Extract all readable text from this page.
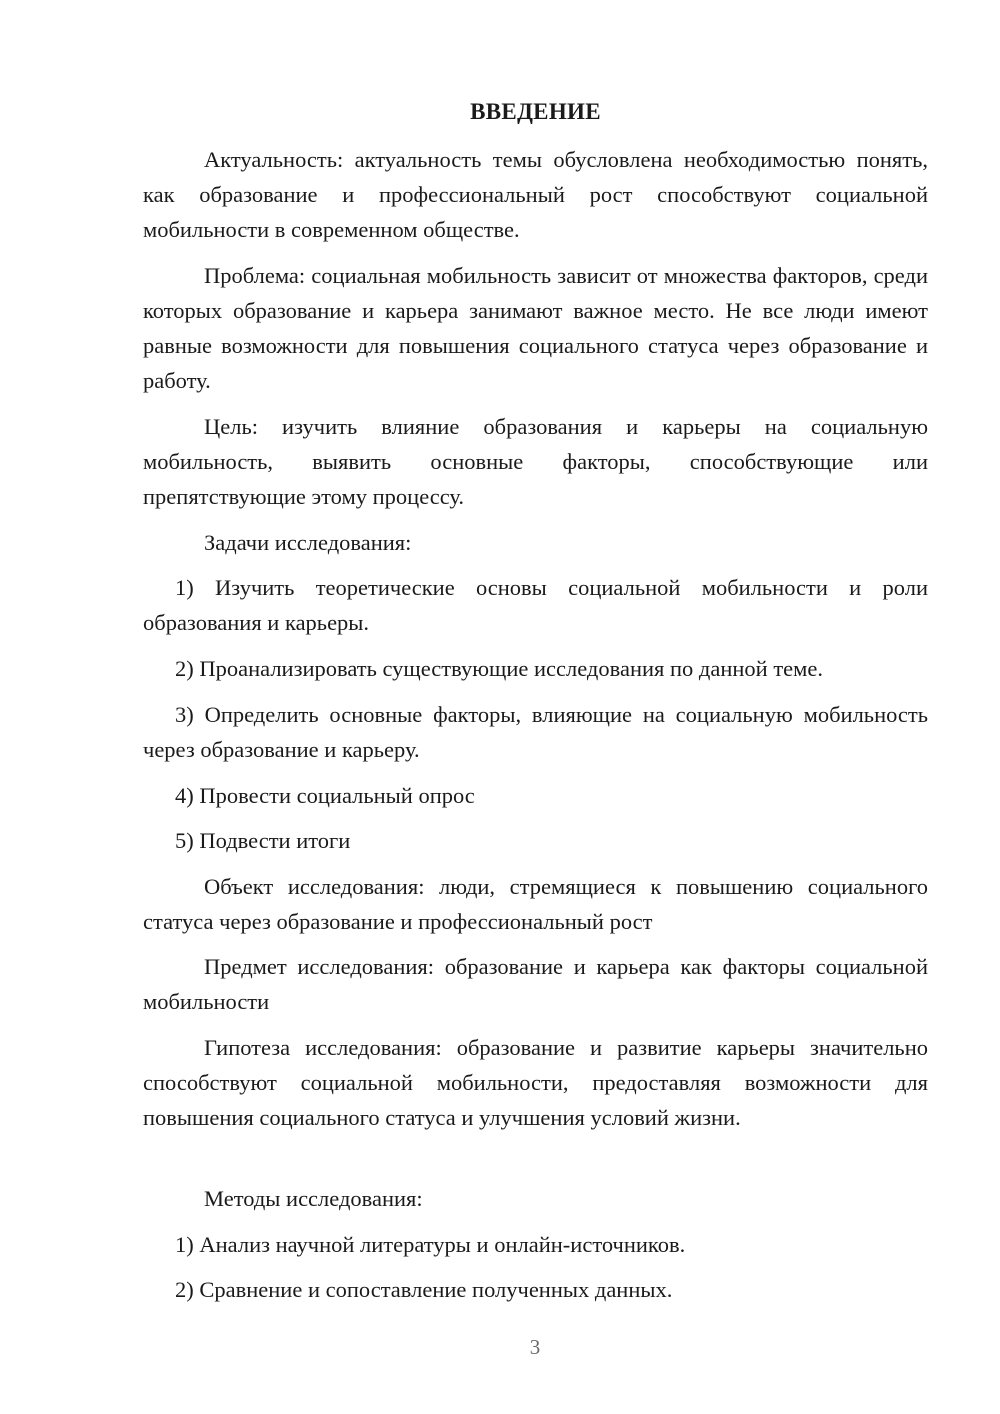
ВВЕДЕНИЕ

Актуальность: актуальность темы обусловлена необходимостью понять, как образование и профессиональный рост способствуют социальной мобильности в современном обществе.

Проблема: социальная мобильность зависит от множества факторов, среди которых образование и карьера занимают важное место. Не все люди имеют равные возможности для повышения социального статуса через образование и работу.

Цель: изучить влияние образования и карьеры на социальную мобильность, выявить основные факторы, способствующие или препятствующие этому процессу.

Задачи исследования:

1) Изучить теоретические основы социальной мобильности и роли образования и карьеры.

2) Проанализировать существующие исследования по данной теме.

3) Определить основные факторы, влияющие на социальную мобильность через образование и карьеру.

4) Провести социальный опрос

5) Подвести итоги

Объект исследования: люди, стремящиеся к повышению социального статуса через образование и профессиональный рост

Предмет исследования: образование и карьера как факторы социальной мобильности

Гипотеза исследования: образование и развитие карьеры значительно способствуют социальной мобильности, предоставляя возможности для повышения социального статуса и улучшения условий жизни.

Методы исследования:

1) Анализ научной литературы и онлайн-источников.

2) Сравнение и сопоставление полученных данных.

3
